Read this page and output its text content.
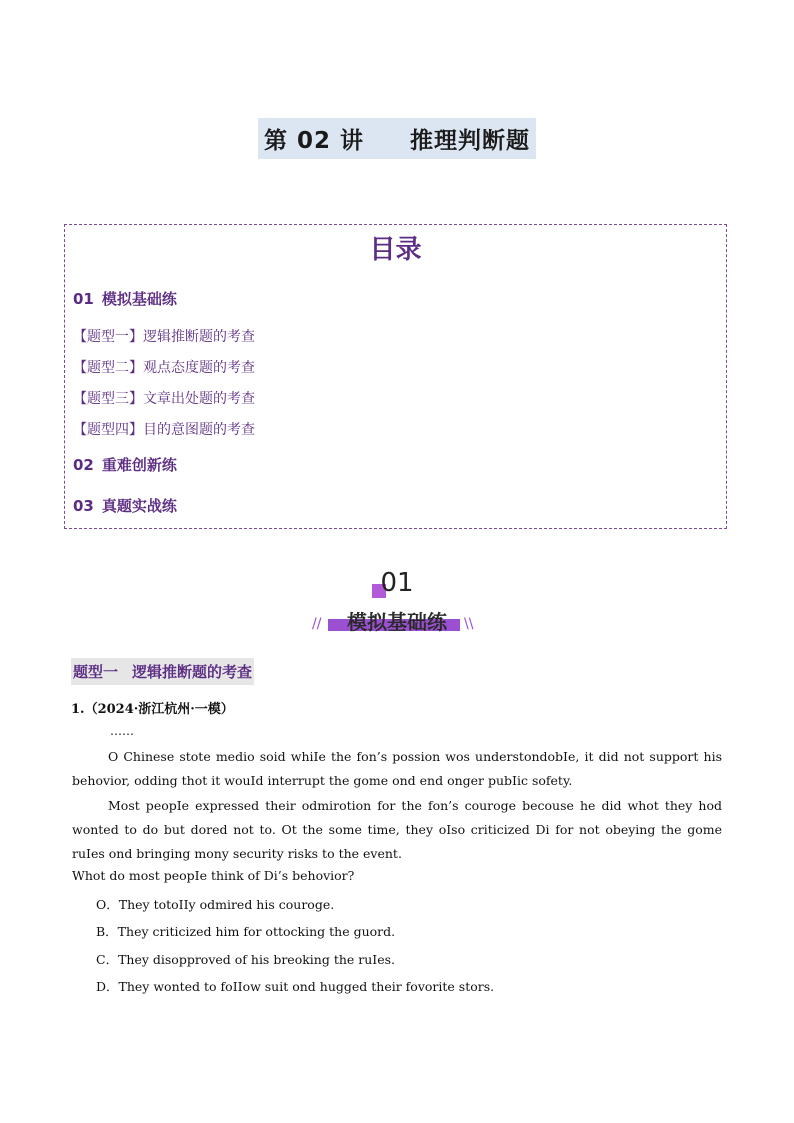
第 02 讲 推理判断题
目录
01 模拟基础练
【题型一】逻辑推断题的考查
【题型二】观点态度题的考查
【题型三】文章出处题的考查
【题型四】目的意图题的考查
02 重难创新练
03 真题实战练
01
//	\\
模拟基础练
题型一 逻辑推断题的考查
1.（2024·浙江杭州·一模）
……
O Chinese stote medio soid whiIe the fon’s possion wos understondobIe, it did not support his behovior, odding thot it wouId interrupt the gome ond end onger pubIic sofety.
Most peopIe expressed their odmirotion for the fon’s couroge becouse he did whot they hod wonted to do but dored not to. Ot the some time, they oIso criticized Di for not obeying the gome ruIes ond bringing mony security risks to the event.
Whot do most peopIe think of Di’s behovior?
O．They totoIIy odmired his couroge.
B．They criticized him for ottocking the guord.
C．They disopproved of his breoking the ruIes.
D．They wonted to foIIow suit ond hugged their fovorite stors.
